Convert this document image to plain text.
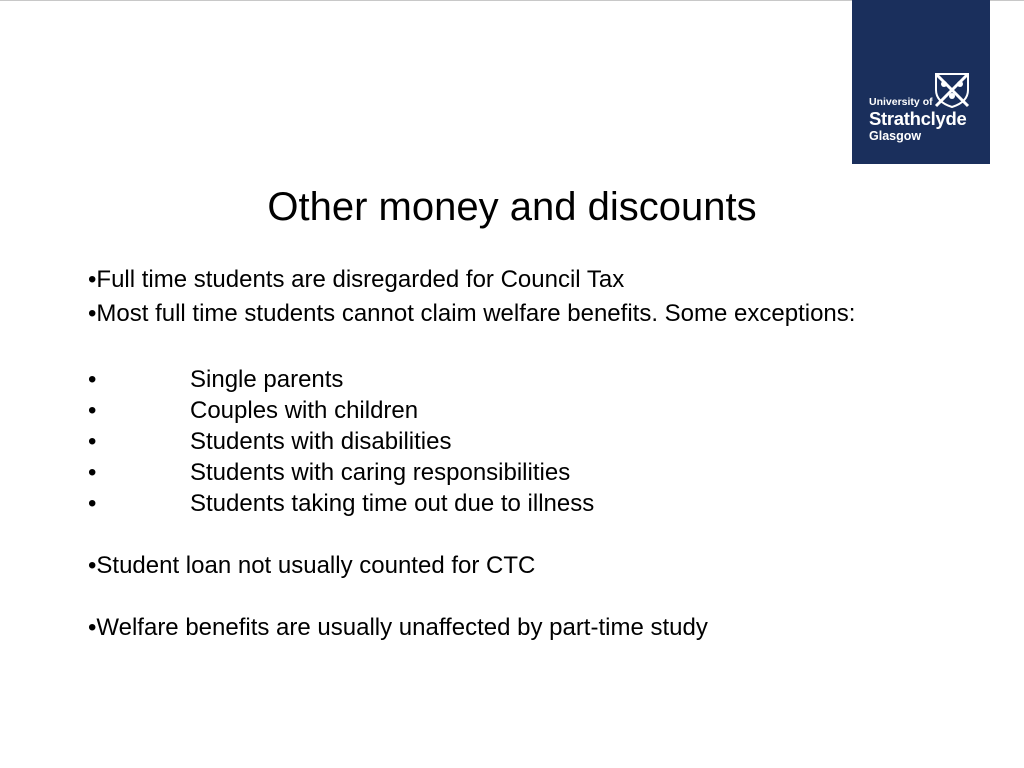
University of
Strathclyde
Glasgow
Other money and discounts

•Full time students are disregarded for Council Tax

•Most full time students cannot claim welfare benefits. Some exceptions:

•	Single parents

•	Couples with children

•	Students with disabilities

•	Students with caring responsibilities

•	Students taking time out due to illness

•Student loan not usually counted for CTC

•Welfare benefits are usually unaffected by part-time study
